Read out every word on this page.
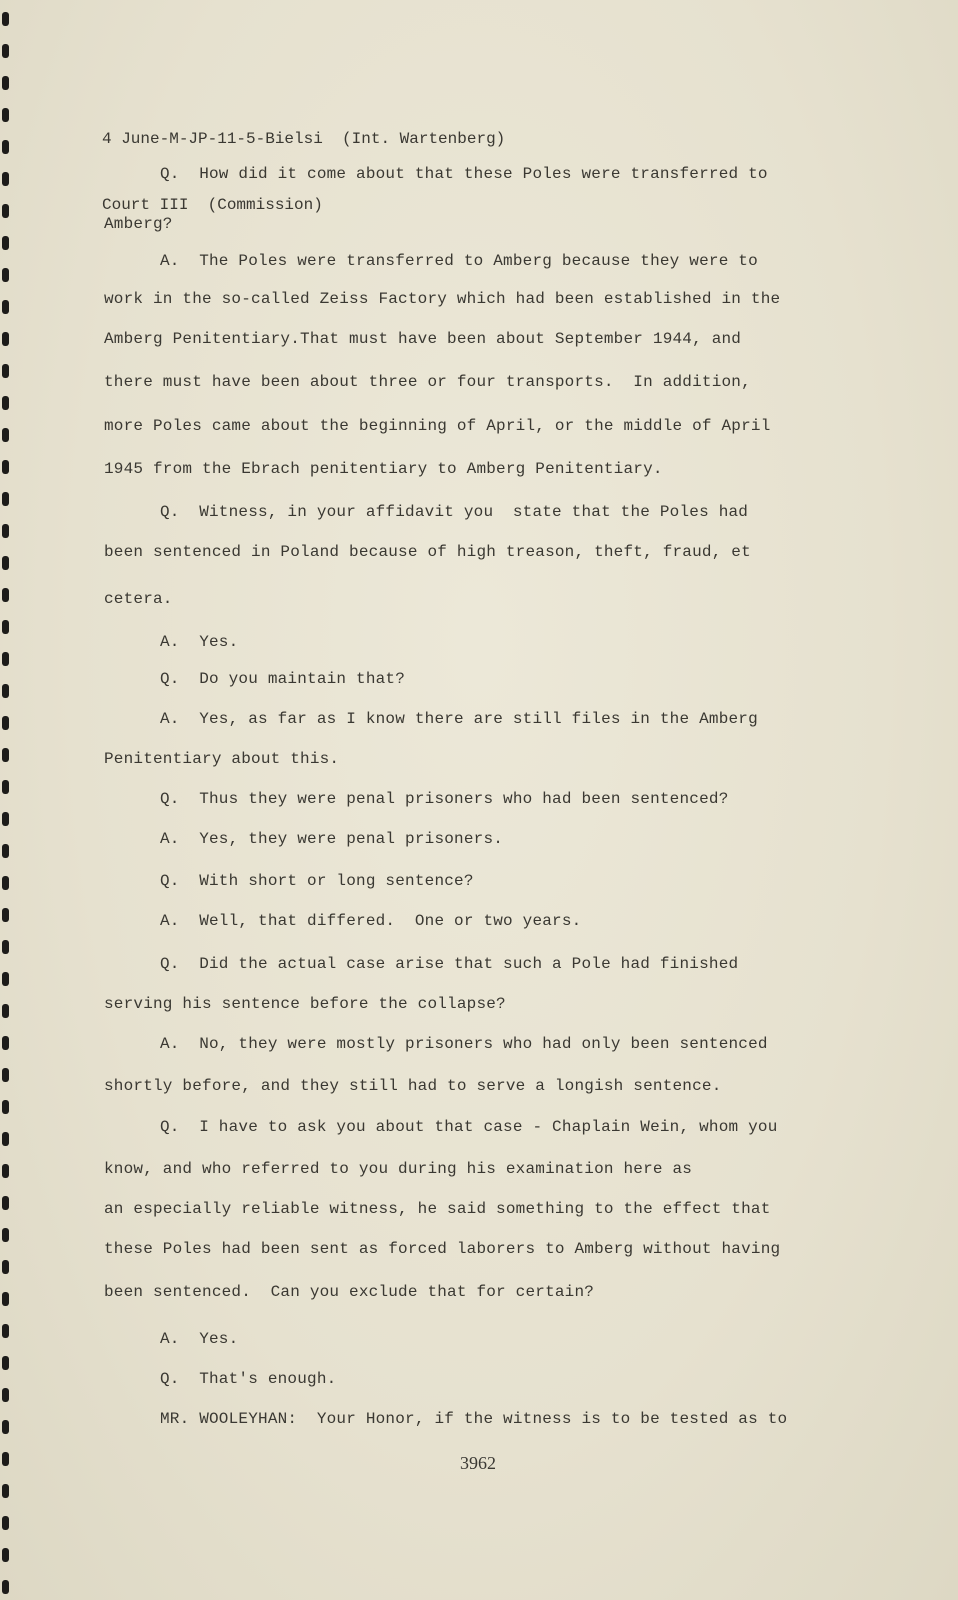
4 June-M-JP-11-5-Bielsi  (Int. Wartenberg)

Court III  (Commission)

Q.  How did it come about that these Poles were transferred to
Amberg?
A.  The Poles were transferred to Amberg because they were to
work in the so-called Zeiss Factory which had been established in the
Amberg Penitentiary.That must have been about September 1944, and
there must have been about three or four transports.  In addition,
more Poles came about the beginning of April, or the middle of April
1945 from the Ebrach penitentiary to Amberg Penitentiary.
Q.  Witness, in your affidavit you  state that the Poles had
been sentenced in Poland because of high treason, theft, fraud, et
cetera.
A.  Yes.
Q.  Do you maintain that?
A.  Yes, as far as I know there are still files in the Amberg
Penitentiary about this.
Q.  Thus they were penal prisoners who had been sentenced?
A.  Yes, they were penal prisoners.
Q.  With short or long sentence?
A.  Well, that differed.  One or two years.
Q.  Did the actual case arise that such a Pole had finished
serving his sentence before the collapse?
A.  No, they were mostly prisoners who had only been sentenced
shortly before, and they still had to serve a longish sentence.
Q.  I have to ask you about that case - Chaplain Wein, whom you
know, and who referred to you during his examination here as
an especially reliable witness, he said something to the effect that
these Poles had been sent as forced laborers to Amberg without having
been sentenced.  Can you exclude that for certain?
A.  Yes.
Q.  That's enough.
MR. WOOLEYHAN:  Your Honor, if the witness is to be tested as to
3962
